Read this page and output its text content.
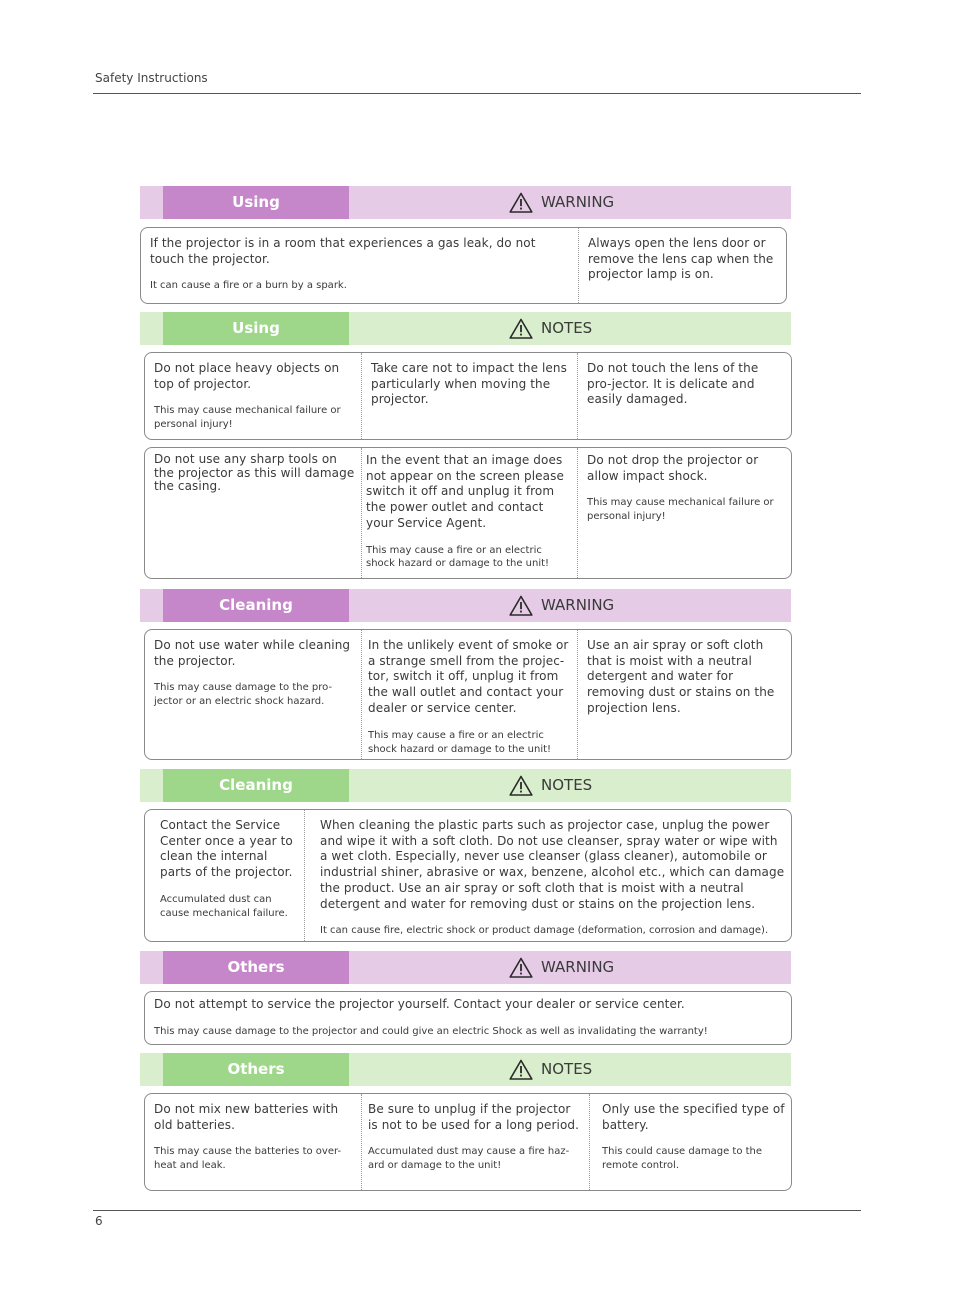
Safety Instructions
Using	WARNING
If the projector is in a room that experiences a gas leak, do not touch the projector.
It can cause a fire or a burn by a spark.
Always open the lens door or remove the lens cap when the projector lamp is on.
Using	NOTES
Do not place heavy objects on top of projector.
This may cause mechanical failure or personal injury!
Take care not to impact the lens particularly when moving the projector.
Do not touch the lens of the pro-jector. It is delicate and easily damaged.
Do not use any sharp tools on the projector as this will damage the casing.
In the event that an image does not appear on the screen please switch it off and unplug it from the power outlet and contact your Service Agent.
This may cause a fire or an electric shock hazard or damage to the unit!
Do not drop the projector or allow impact shock.
This may cause mechanical failure or personal injury!
Cleaning	WARNING
Do not use water while cleaning the projector.
This may cause damage to the pro-jector or an electric shock hazard.
In the unlikely event of smoke or a strange smell from the projec-tor, switch it off, unplug it from the wall outlet and contact your dealer or service center.
This may cause a fire or an electric shock hazard or damage to the unit!
Use an air spray or soft cloth that is moist with a neutral detergent and water for removing dust or stains on the projection lens.
Cleaning	NOTES
Contact the Service Center once a year to clean the internal parts of the projector.
Accumulated dust can cause mechanical failure.
When cleaning the plastic parts such as projector case, unplug the power and wipe it with a soft cloth. Do not use cleanser, spray water or wipe with a wet cloth. Especially, never use cleanser (glass cleaner), automobile or industrial shiner, abrasive or wax, benzene, alcohol etc., which can damage the product. Use an air spray or soft cloth that is moist with a neutral detergent and water for removing dust or stains on the projection lens.
It can cause fire, electric shock or product damage (deformation, corrosion and damage).
Others	WARNING
Do not attempt to service the projector yourself. Contact your dealer or service center.
This may cause damage to the projector and could give an electric Shock as well as invalidating the warranty!
Others	NOTES
Do not mix new batteries with old batteries.
This may cause the batteries to over-heat and leak.
Be sure to unplug if the projector is not to be used for a long period.
Accumulated dust may cause a fire haz-ard or damage to the unit!
Only use the specified type of battery.
This could cause damage to the remote control.
6
